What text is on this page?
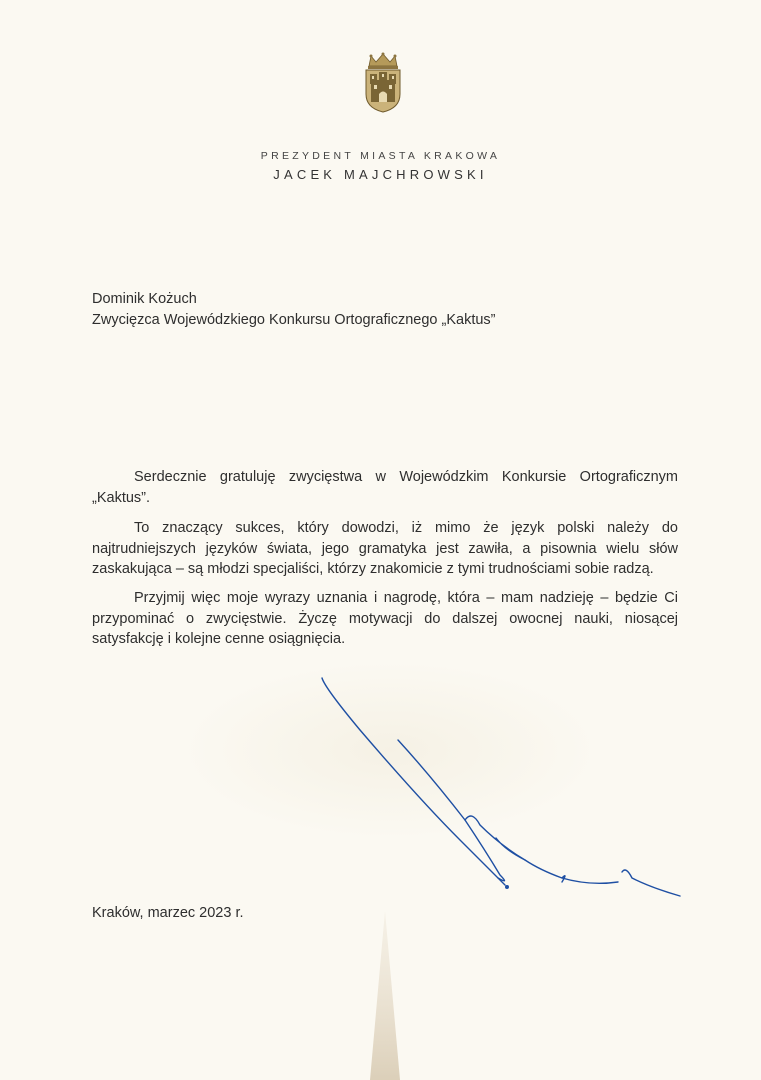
PREZYDENT MIASTA KRAKOWA
JACEK MAJCHROWSKI
Dominik Kożuch
Zwycięzca Wojewódzkiego Konkursu Ortograficznego „Kaktus”

Serdecznie gratuluję zwycięstwa w Wojewódzkim Konkursie Ortograficznym „Kaktus”.

To znaczący sukces, który dowodzi, iż mimo że język polski należy do najtrudniejszych języków świata, jego gramatyka jest zawiła, a pisownia wielu słów zaskakująca – są młodzi specjaliści, którzy znakomicie z tymi trudnościami sobie radzą.

Przyjmij więc moje wyrazy uznania i nagrodę, która – mam nadzieję – będzie Ci przypominać o zwycięstwie. Życzę motywacji do dalszej owocnej nauki, niosącej satysfakcję i kolejne cenne osiągnięcia.

Kraków, marzec 2023 r.
